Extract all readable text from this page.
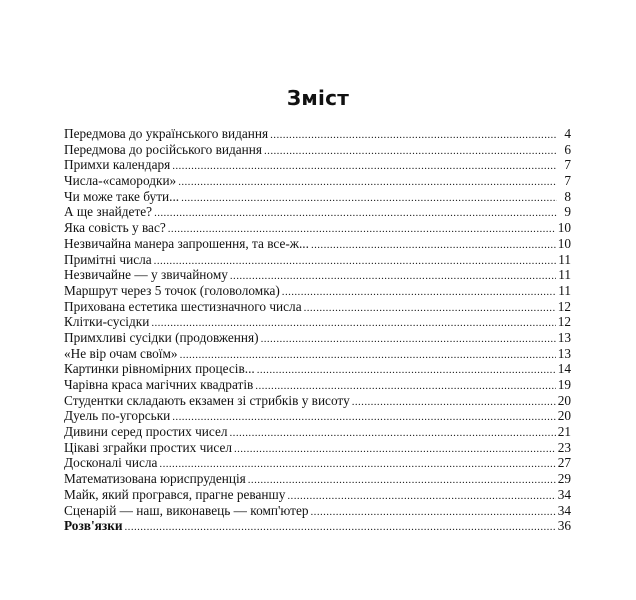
Зміст
Передмова до українського видання .....	4
Передмова до російського видання .....	6
Примхи календаря .....	7
Числа-«самородки» .....	7
Чи може таке бути... .....	8
А ще знайдете? .....	9
Яка совість у вас? .....	10
Незвичайна манера запрошення, та все-ж... .....	10
Примітні числа .....	11
Незвичайне — у звичайному .....	11
Маршрут через 5 точок (головоломка) .....	11
Прихована естетика шестизначного числа .....	12
Клітки-сусідки .....	12
Примхливі сусідки (продовження) .....	13
«Не вір очам своїм» .....	13
Картинки рівномірних процесів... .....	14
Чарівна краса магічних квадратів .....	19
Студентки складають екзамен зі стрибків у висоту .....	20
Дуель по-угорськи .....	20
Дивини серед простих чисел .....	21
Цікаві зграйки простих чисел .....	23
Досконалі числа .....	27
Математизована юриспруденція .....	29
Майк, який програвся, прагне реваншу .....	34
Сценарій — наш, виконавець — комп'ютер .....	34
Розв'язки .....	36
